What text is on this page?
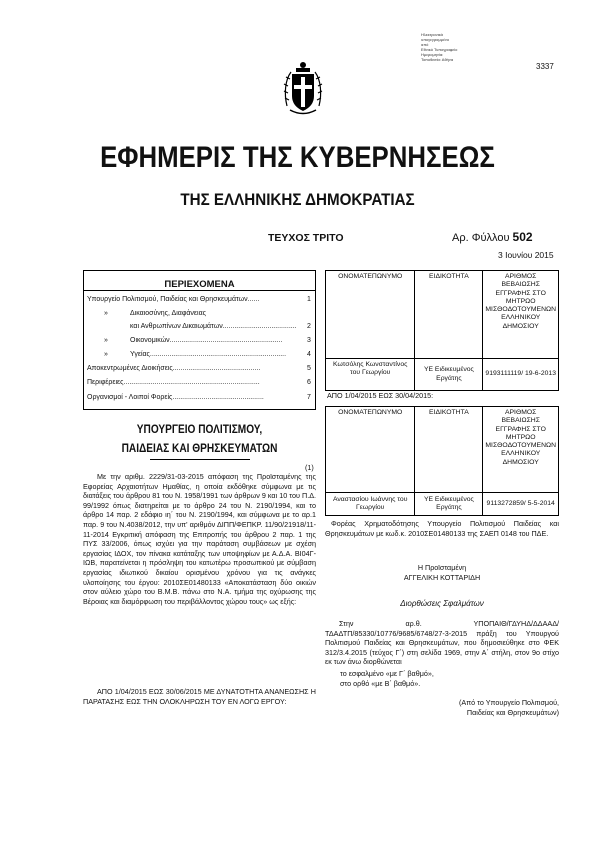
Ηλεκτρονικά
υπογεγραμμένο
από
Εθνικό Τυπογραφείο
Ημερομηνία:
Τοποθεσία: Αθήνα
3337
ΕΦΗΜΕΡΙΣ ΤΗΣ ΚΥΒΕΡΝΗΣΕΩΣ
ΤΗΣ ΕΛΛΗΝΙΚΗΣ ΔΗΜΟΚΡΑΤΙΑΣ
ΤΕΥΧΟΣ ΤΡΙΤΟ	Αρ. Φύλλου 502
3 Ιουνίου 2015
ΠΕΡΙΕΧΟΜΕΝΑ
Υπουργείο Πολιτισμού, Παιδείας και Θρησκευμάτων......	1
»	Δικαιοσύνης, Διαφάνειας
και Ανθρωπίνων Δικαιωμάτων......................................	2
»	Οικονομικών..........................................................	3
»	Υγείας......................................................................	4
Αποκεντρωμένες Διοικήσεις.............................................	5
Περιφέρειες......................................................................	6
Οργανισμοί - Λοιποί Φορείς...............................................	7
ΥΠΟΥΡΓΕΙΟ ΠΟΛΙΤΙΣΜΟΥ,
ΠΑΙΔΕΙΑΣ ΚΑΙ ΘΡΗΣΚΕΥΜΑΤΩΝ
(1)
Με την αριθμ. 2229/31-03-2015 απόφαση της Προϊσταμένης της Εφορείας Αρχαιοτήτων Ημαθίας, η οποία εκδόθηκε σύμφωνα με τις διατάξεις του άρθρου 81 του Ν. 1958/1991 των άρθρων 9 και 10 του Π.Δ. 99/1992 όπως διατηρείται με το άρθρο 24 του Ν. 2190/1994, και το άρθρο 14 παρ. 2 εδάφιο ιη΄ του Ν. 2190/1994, και σύμφωνα με το αρ.1 παρ. 9 του Ν.4038/2012, την υπ' αριθμόν ΔΙΠΠ/ΦΕΠΚΡ. 11/90/21918/11-11-2014 Εγκριτική απόφαση της Επιτροπής του άρθρου 2 παρ. 1 της ΠΥΣ 33/2006, όπως ισχύει για την παράταση συμβάσεων με σχέση εργασίας ΙΔΟΧ, τον πίνακα κατάταξης των υποψηφίων με Α.Δ.Α. ΒΙ04Γ-ΙΩΒ, παρατείνεται η πρόσληψη του κατωτέρω προσωπικού με σύμβαση εργασίας ιδιωτικού δικαίου ορισμένου χρόνου για τις ανάγκες υλοποίησης του έργου: 2010ΣΕ01480133 «Αποκατάσταση δύο οικιών στον αύλειο χώρο του Β.Μ.Β. πάνω στο Ν.Α. τμήμα της οχύρωσης της Βέροιας και διαμόρφωση του περιβάλλοντος χώρου τους» ως εξής:
ΑΠΟ 1/04/2015 ΕΩΣ 30/06/2015 ΜΕ ΔΥΝΑΤΟΤΗΤΑ ΑΝΑΝΕΩΣΗΣ Η ΠΑΡΑΤΑΣΗΣ ΕΩΣ ΤΗΝ ΟΛΟΚΛΗΡΩΣΗ ΤΟΥ ΕΝ ΛΟΓΩ ΕΡΓΟΥ:
ΟΝΟΜΑΤΕΠΩΝΥΜΟ	ΕΙΔΙΚΟΤΗΤΑ	ΑΡΙΘΜΟΣ ΒΕΒΑΙΩΣΗΣ ΕΓΓΡΑΦΗΣ ΣΤΟ ΜΗΤΡΩΟ ΜΙΣΘΟΔΟΤΟΥΜΕΝΩΝ ΕΛΛΗΝΙΚΟΥ ΔΗΜΟΣΙΟΥ
Κωτσόλης Κωνσταντίνος του Γεωργίου	ΥΕ Ειδικευμένος Εργάτης	9193111119/ 19-6-2013
ΑΠΟ 1/04/2015 ΕΩΣ 30/04/2015:
ΟΝΟΜΑΤΕΠΩΝΥΜΟ	ΕΙΔΙΚΟΤΗΤΑ	ΑΡΙΘΜΟΣ ΒΕΒΑΙΩΣΗΣ ΕΓΓΡΑΦΗΣ ΣΤΟ ΜΗΤΡΩΟ ΜΙΣΘΟΔΟΤΟΥΜΕΝΩΝ ΕΛΛΗΝΙΚΟΥ ΔΗΜΟΣΙΟΥ
Αναστασίου Ιωάννης του Γεωργίου	ΥΕ Ειδικευμένος Εργάτης	9113272859/ 5-5-2014
Φορέας Χρηματοδότησης Υπουργείο Πολιτισμού Παιδείας και Θρησκευμάτων με κωδ.κ. 2010ΣΕ01480133 της ΣΑΕΠ 0148 του ΠΔΕ.
Η Προϊσταμένη
ΑΓΓΕΛΙΚΗ ΚΟΤΤΑΡΙΔΗ
Διορθώσεις Σφαλμάτων
Στην αρ.θ. ΥΠΟΠΑΙΘ/ΓΔΥΗΔ/ΔΔΑΑΔ/ΤΔΑΔΤΠ/85330/10776/9685/6748/27-3-2015 πράξη του Υπουργού Πολιτισμού Παιδείας και Θρησκευμάτων, που δημοσιεύθηκε στο ΦΕΚ 312/3.4.2015 (τεύχος Γ΄) στη σελίδα 1969, στην Α΄ στήλη, στον 9ο στίχο εκ των άνω διορθώνεται
το εσφαλμένο «με Γ΄ βαθμό»,
στο ορθό «με Β΄ βαθμό».
(Από το Υπουργείο Πολιτισμού,
Παιδείας και Θρησκευμάτων)
